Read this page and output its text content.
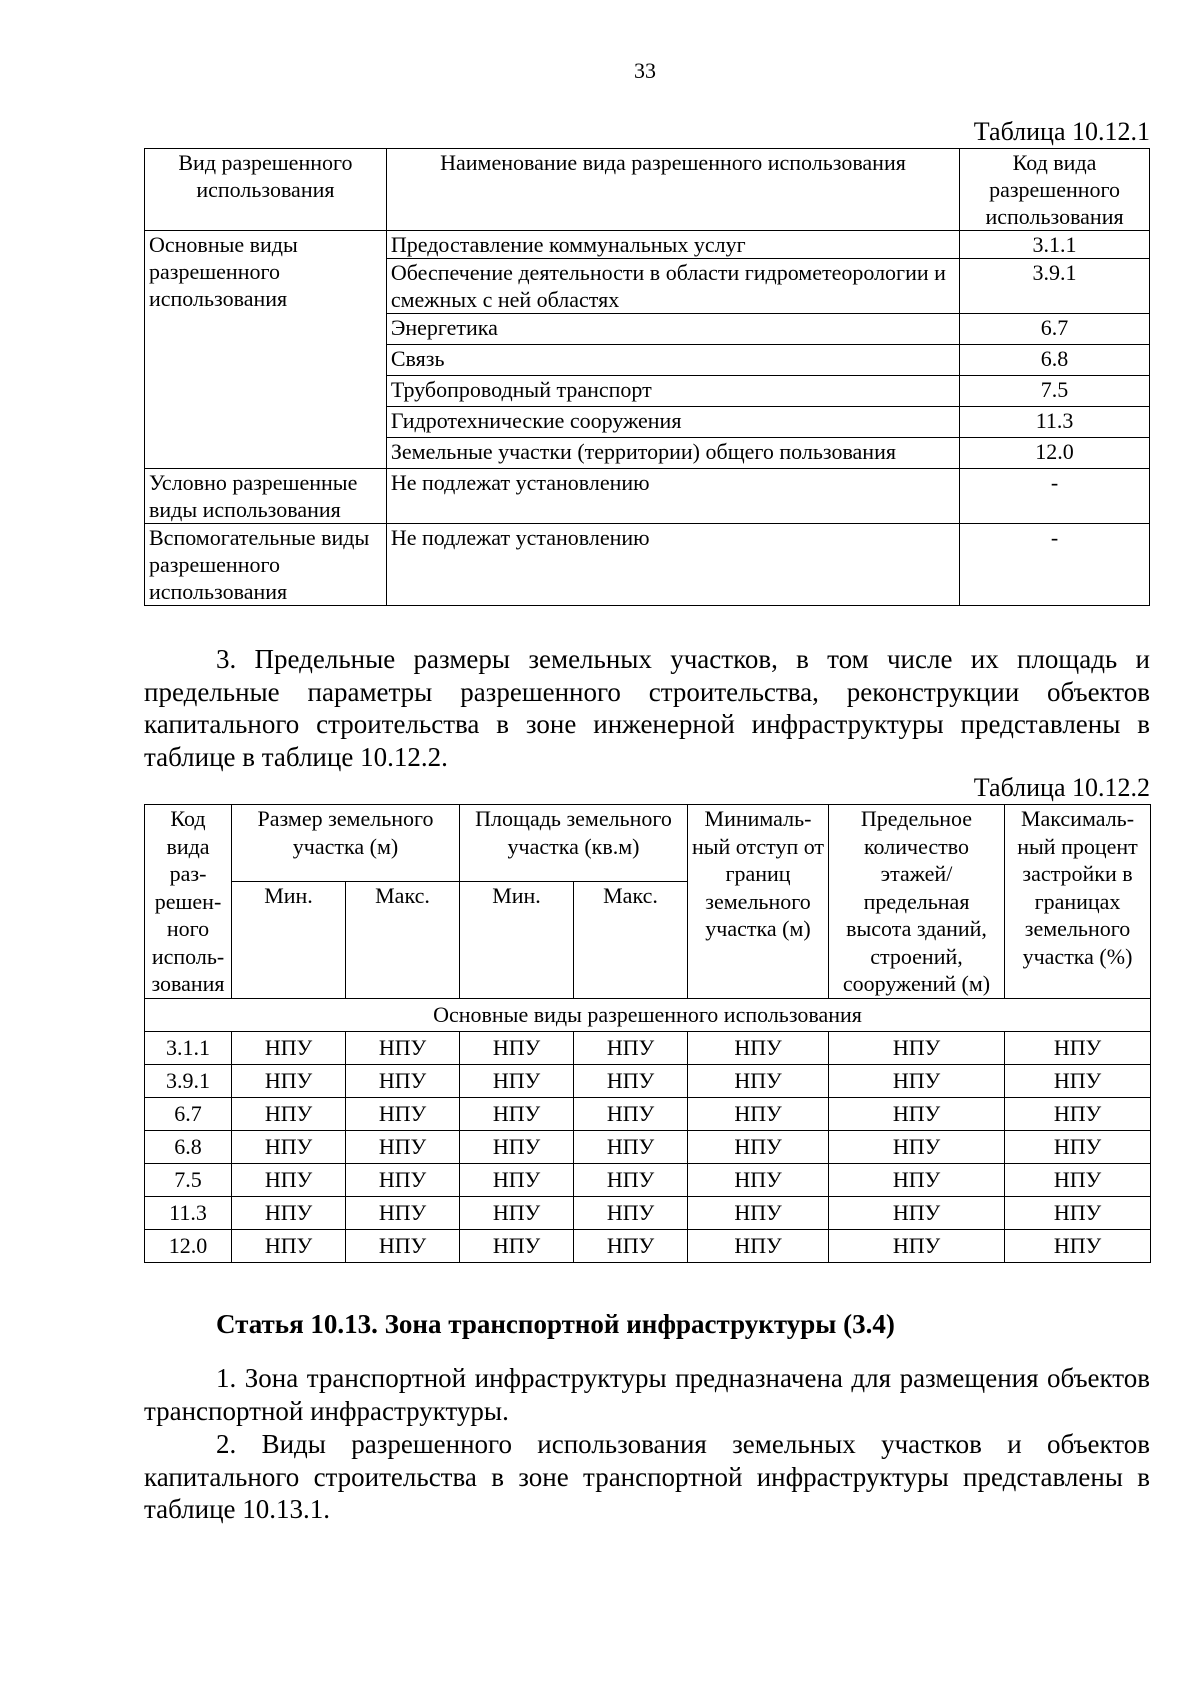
33
Таблица 10.12.1
Вид разрешенного использования	Наименование вида разрешенного использования	Код вида разрешенного использования
Основные виды разрешенного использования	Предоставление коммунальных услуг	3.1.1
	Обеспечение деятельности в области гидрометеорологии и смежных с ней областях	3.9.1
	Энергетика	6.7
	Связь	6.8
	Трубопроводный транспорт	7.5
	Гидротехнические сооружения	11.3
	Земельные участки (территории) общего пользования	12.0
Условно разрешенные виды использования	Не подлежат установлению	-
Вспомогательные виды разрешенного использования	Не подлежат установлению	-
3. Предельные размеры земельных участков, в том числе их площадь и предельные параметры разрешенного строительства, реконструкции объектов капитального строительства в зоне инженерной инфраструктуры представлены в таблице в таблице 10.12.2.
Таблица 10.12.2
Код вида раз- решен- ного исполь- зования	Размер земельного участка (м)		Площадь земельного участка (кв.м)		Минималь- ный отступ от границ земельного участка (м)	Предельное количество этажей/ предельная высота зданий, строений, сооружений (м)	Максималь- ный процент застройки в границах земельного участка (%)
	Мин.	Макс.	Мин.	Макс.			
Основные виды разрешенного использования							
3.1.1	НПУ	НПУ	НПУ	НПУ	НПУ	НПУ	НПУ
3.9.1	НПУ	НПУ	НПУ	НПУ	НПУ	НПУ	НПУ
6.7	НПУ	НПУ	НПУ	НПУ	НПУ	НПУ	НПУ
6.8	НПУ	НПУ	НПУ	НПУ	НПУ	НПУ	НПУ
7.5	НПУ	НПУ	НПУ	НПУ	НПУ	НПУ	НПУ
11.3	НПУ	НПУ	НПУ	НПУ	НПУ	НПУ	НПУ
12.0	НПУ	НПУ	НПУ	НПУ	НПУ	НПУ	НПУ
Статья 10.13. Зона транспортной инфраструктуры (3.4)
1. Зона транспортной инфраструктуры предназначена для размещения объектов транспортной инфраструктуры.
2. Виды разрешенного использования земельных участков и объектов капитального строительства в зоне транспортной инфраструктуры представлены в таблице 10.13.1.
